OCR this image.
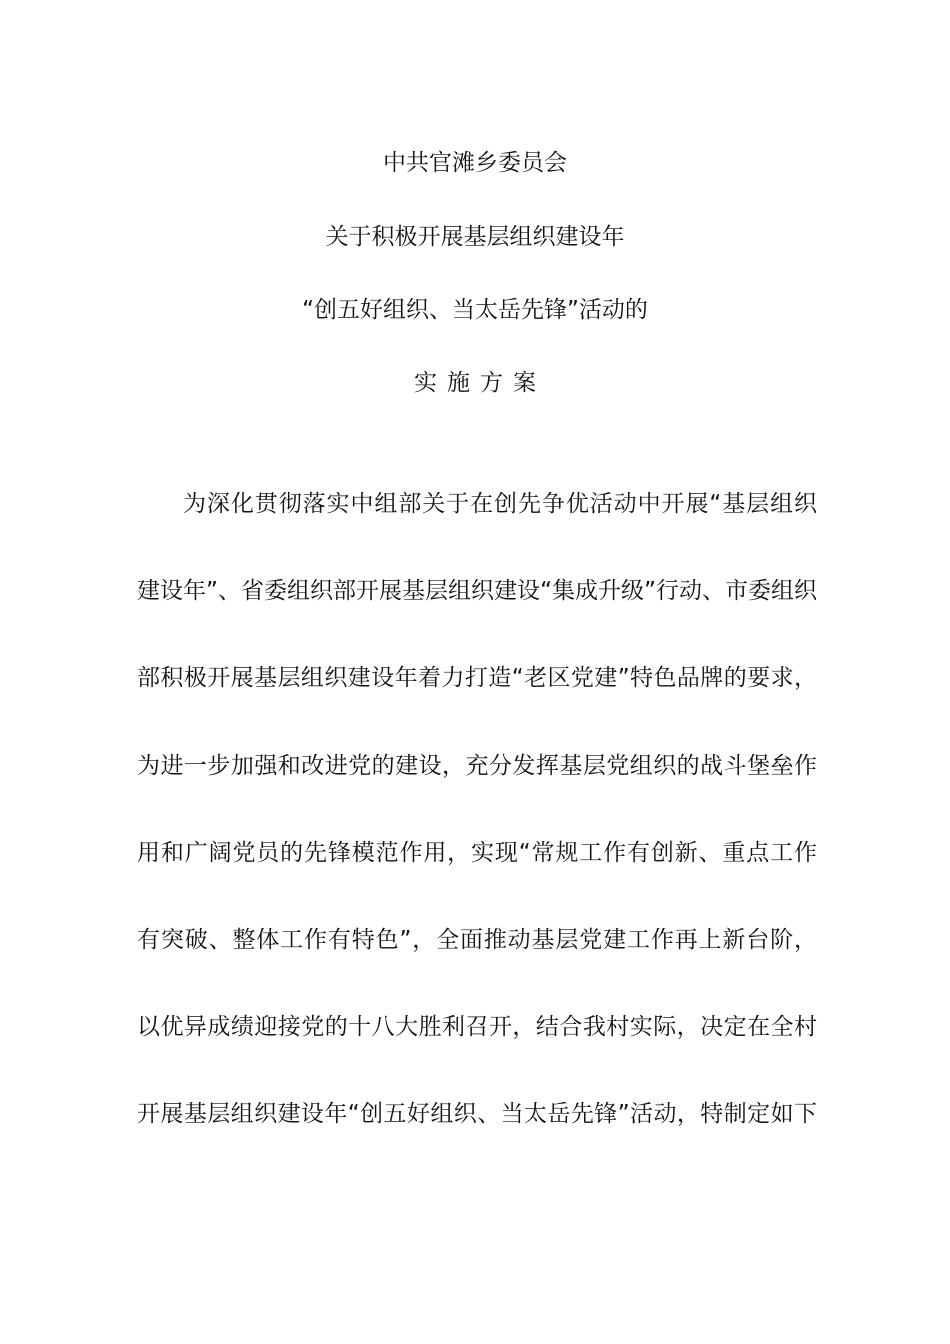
中共官滩乡委员会
关于积极开展基层组织建设年
“创五好组织、当太岳先锋”活动的
实施方案
为深化贯彻落实中组部关于在创先争优活动中开展“基层组织
建设年”、省委组织部开展基层组织建设“集成升级”行动、市委组织
部积极开展基层组织建设年着力打造“老区党建”特色品牌的要求，
为进一步加强和改进党的建设，充分发挥基层党组织的战斗堡垒作
用和广阔党员的先锋模范作用，实现“常规工作有创新、重点工作
有突破、整体工作有特色”，全面推动基层党建工作再上新台阶，
以优异成绩迎接党的十八大胜利召开，结合我村实际，决定在全村
开展基层组织建设年“创五好组织、当太岳先锋”活动，特制定如下
